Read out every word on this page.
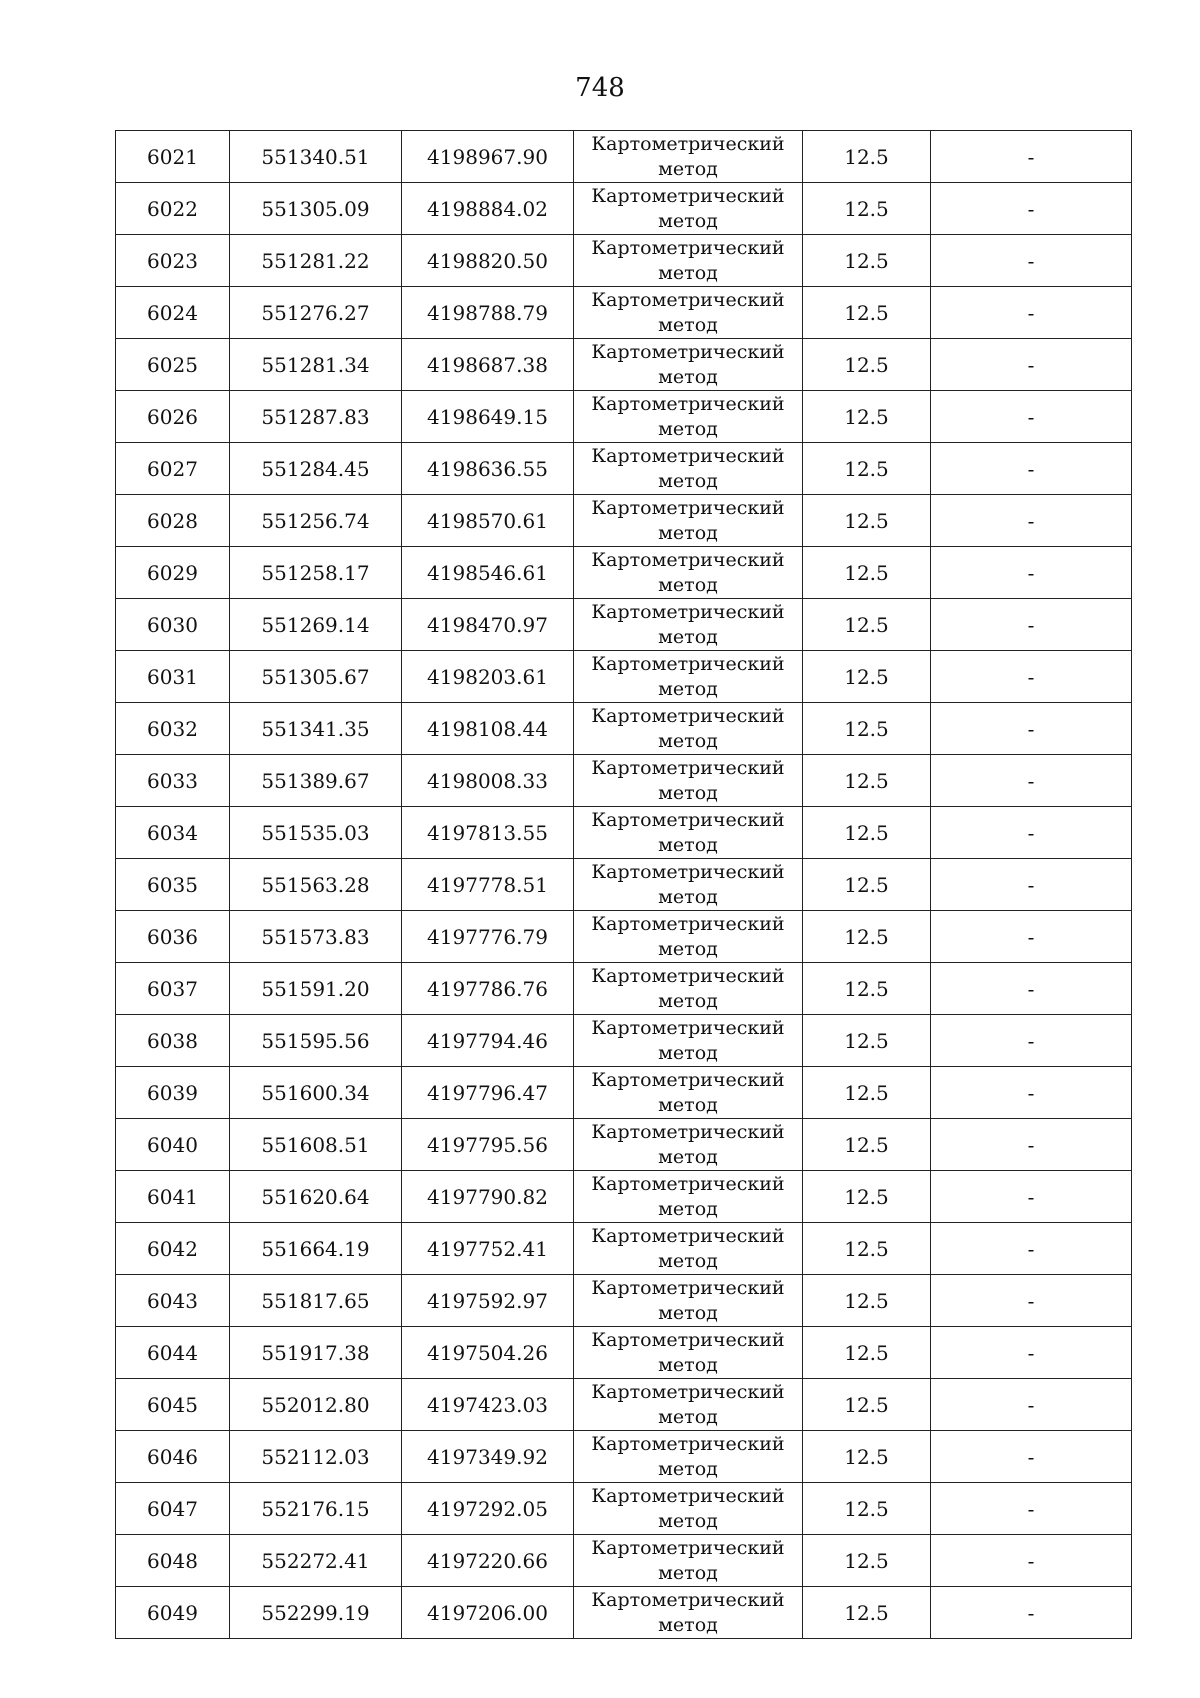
748
6021	551340.51	4198967.90	Картометрический
метод	12.5	-
6022	551305.09	4198884.02	Картометрический
метод	12.5	-
6023	551281.22	4198820.50	Картометрический
метод	12.5	-
6024	551276.27	4198788.79	Картометрический
метод	12.5	-
6025	551281.34	4198687.38	Картометрический
метод	12.5	-
6026	551287.83	4198649.15	Картометрический
метод	12.5	-
6027	551284.45	4198636.55	Картометрический
метод	12.5	-
6028	551256.74	4198570.61	Картометрический
метод	12.5	-
6029	551258.17	4198546.61	Картометрический
метод	12.5	-
6030	551269.14	4198470.97	Картометрический
метод	12.5	-
6031	551305.67	4198203.61	Картометрический
метод	12.5	-
6032	551341.35	4198108.44	Картометрический
метод	12.5	-
6033	551389.67	4198008.33	Картометрический
метод	12.5	-
6034	551535.03	4197813.55	Картометрический
метод	12.5	-
6035	551563.28	4197778.51	Картометрический
метод	12.5	-
6036	551573.83	4197776.79	Картометрический
метод	12.5	-
6037	551591.20	4197786.76	Картометрический
метод	12.5	-
6038	551595.56	4197794.46	Картометрический
метод	12.5	-
6039	551600.34	4197796.47	Картометрический
метод	12.5	-
6040	551608.51	4197795.56	Картометрический
метод	12.5	-
6041	551620.64	4197790.82	Картометрический
метод	12.5	-
6042	551664.19	4197752.41	Картометрический
метод	12.5	-
6043	551817.65	4197592.97	Картометрический
метод	12.5	-
6044	551917.38	4197504.26	Картометрический
метод	12.5	-
6045	552012.80	4197423.03	Картометрический
метод	12.5	-
6046	552112.03	4197349.92	Картометрический
метод	12.5	-
6047	552176.15	4197292.05	Картометрический
метод	12.5	-
6048	552272.41	4197220.66	Картометрический
метод	12.5	-
6049	552299.19	4197206.00	Картометрический
метод	12.5	-
